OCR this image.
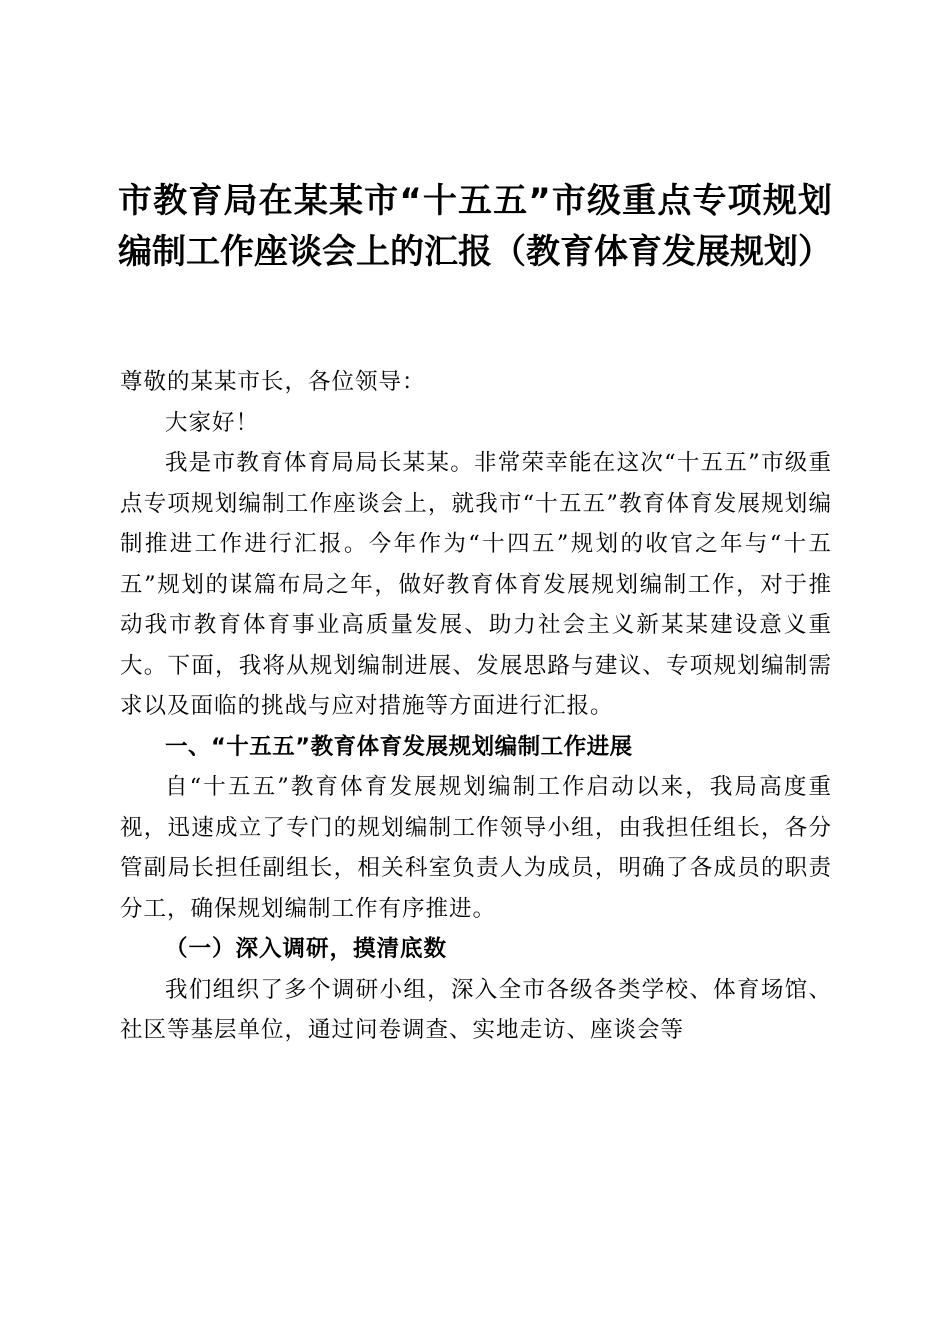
市教育局在某某市“十五五”市级重点专项规划编制工作座谈会上的汇报（教育体育发展规划）

尊敬的某某市长，各位领导：

大家好！

我是市教育体育局局长某某。非常荣幸能在这次“十五五”市级重点专项规划编制工作座谈会上，就我市“十五五”教育体育发展规划编制推进工作进行汇报。今年作为“十四五”规划的收官之年与“十五五”规划的谋篇布局之年，做好教育体育发展规划编制工作，对于推动我市教育体育事业高质量发展、助力社会主义新某某建设意义重大。下面，我将从规划编制进展、发展思路与建议、专项规划编制需求以及面临的挑战与应对措施等方面进行汇报。

一、“十五五”教育体育发展规划编制工作进展

自“十五五”教育体育发展规划编制工作启动以来，我局高度重视，迅速成立了专门的规划编制工作领导小组，由我担任组长，各分管副局长担任副组长，相关科室负责人为成员，明确了各成员的职责分工，确保规划编制工作有序推进。

（一）深入调研，摸清底数

我们组织了多个调研小组，深入全市各级各类学校、体育场馆、社区等基层单位，通过问卷调查、实地走访、座谈会等
